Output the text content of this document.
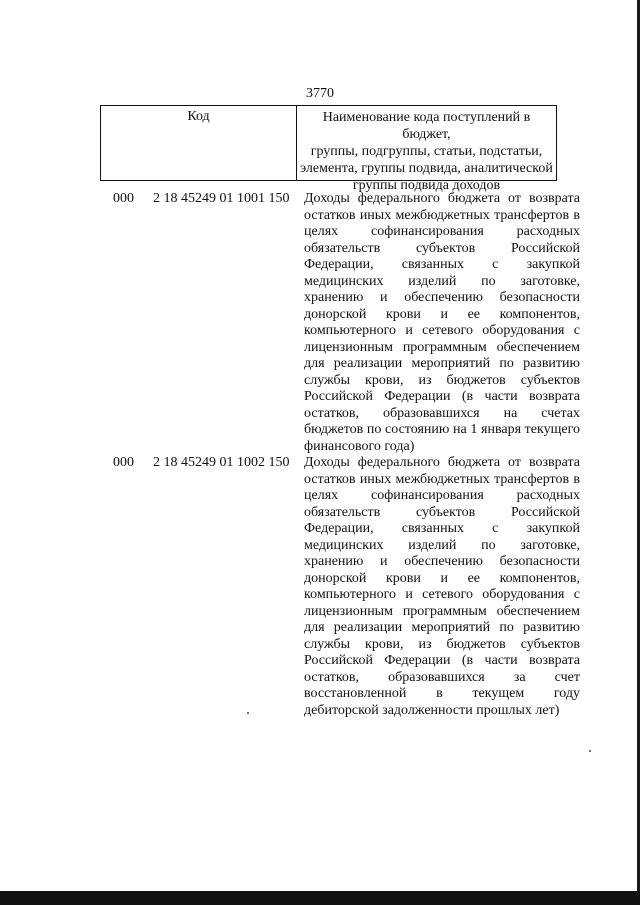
3770
Код	Наименование кода поступлений в бюджет,
группы, подгруппы, статьи, подстатьи,
элемента, группы подвида, аналитической
группы подвида доходов
000 2 18 45249 01 1001 150 Доходы федерального бюджета от возврата

остатков иных межбюджетных трансфертов в

целях софинансирования расходных

обязательств субъектов Российской

Федерации, связанных с закупкой

медицинских изделий по заготовке,

хранению и обеспечению безопасности

донорской крови и ее компонентов,

компьютерного и сетевого оборудования с

лицензионным программным обеспечением

для реализации мероприятий по развитию

службы крови, из бюджетов субъектов

Российской Федерации (в части возврата

остатков, образовавшихся на счетах

бюджетов по состоянию на 1 января текущего

финансового года)

000 2 18 45249 01 1002 150 Доходы федерального бюджета от возврата

остатков иных межбюджетных трансфертов в

целях софинансирования расходных

обязательств субъектов Российской

Федерации, связанных с закупкой

медицинских изделий по заготовке,

хранению и обеспечению безопасности

донорской крови и ее компонентов,

компьютерного и сетевого оборудования с

лицензионным программным обеспечением

для реализации мероприятий по развитию

службы крови, из бюджетов субъектов

Российской Федерации (в части возврата

остатков, образовавшихся за счет

восстановленной в текущем году

дебиторской задолженности прошлых лет)
